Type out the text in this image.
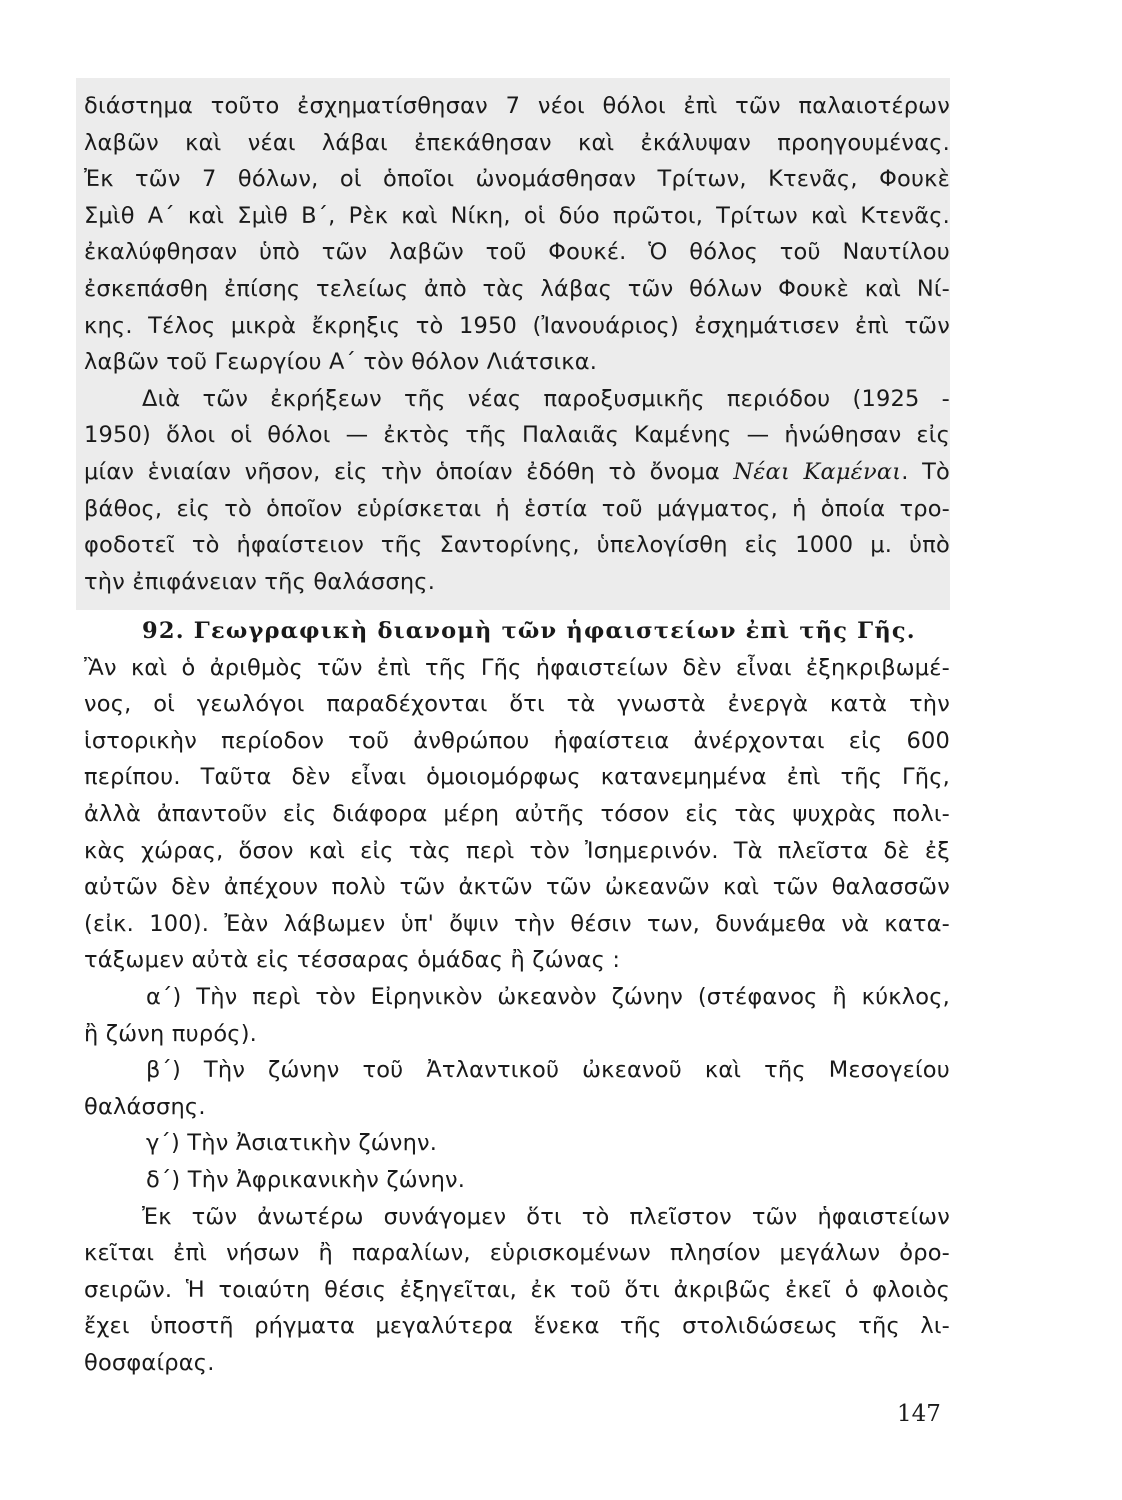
διάστημα τοῦτο ἐσχηματίσθησαν 7 νέοι θόλοι ἐπὶ τῶν παλαιοτέρων
λαβῶν καὶ νέαι λάβαι ἐπεκάθησαν καὶ ἐκάλυψαν προηγουμένας.
Ἐκ τῶν 7 θόλων, οἱ ὁποῖοι ὠνομάσθησαν Τρίτων, Κτενᾶς, Φουκὲ
Σμὶθ Α΄ καὶ Σμὶθ Β΄, Ρὲκ καὶ Νίκη, οἱ δύο πρῶτοι, Τρίτων καὶ Κτενᾶς.
ἐκαλύφθησαν ὑπὸ τῶν λαβῶν τοῦ Φουκέ. Ὁ θόλος τοῦ Ναυτίλου
ἐσκεπάσθη ἐπίσης τελείως ἀπὸ τὰς λάβας τῶν θόλων Φουκὲ καὶ Νί-
κης. Τέλος μικρὰ ἔκρηξις τὸ 1950 (Ἰανουάριος) ἐσχημάτισεν ἐπὶ τῶν
λαβῶν τοῦ Γεωργίου Α΄ τὸν θόλον Λιάτσικα.
Διὰ τῶν ἐκρήξεων τῆς νέας παροξυσμικῆς περιόδου (1925 -
1950) ὅλοι οἱ θόλοι — ἐκτὸς τῆς Παλαιᾶς Καμένης — ἡνώθησαν εἰς
μίαν ἑνιαίαν νῆσον, εἰς τὴν ὁποίαν ἐδόθη τὸ ὄνομα Νέαι Καμέναι. Τὸ
βάθος, εἰς τὸ ὁποῖον εὑρίσκεται ἡ ἑστία τοῦ μάγματος, ἡ ὁποία τρο-
φοδοτεῖ τὸ ἡφαίστειον τῆς Σαντορίνης, ὑπελογίσθη εἰς 1000 μ. ὑπὸ
τὴν ἐπιφάνειαν τῆς θαλάσσης.
92. Γεωγραφικὴ διανομὴ τῶν ἡφαιστείων ἐπὶ τῆς Γῆς.
Ἂν καὶ ὁ ἀριθμὸς τῶν ἐπὶ τῆς Γῆς ἡφαιστείων δὲν εἶναι ἐξηκριβωμέ-
νος, οἱ γεωλόγοι παραδέχονται ὅτι τὰ γνωστὰ ἐνεργὰ κατὰ τὴν
ἱστορικὴν περίοδον τοῦ ἀνθρώπου ἡφαίστεια ἀνέρχονται εἰς 600
περίπου. Ταῦτα δὲν εἶναι ὁμοιομόρφως κατανεμημένα ἐπὶ τῆς Γῆς,
ἀλλὰ ἀπαντοῦν εἰς διάφορα μέρη αὐτῆς τόσον εἰς τὰς ψυχρὰς πολι-
κὰς χώρας, ὅσον καὶ εἰς τὰς περὶ τὸν Ἰσημερινόν. Τὰ πλεῖστα δὲ ἐξ
αὐτῶν δὲν ἀπέχουν πολὺ τῶν ἀκτῶν τῶν ὠκεανῶν καὶ τῶν θαλασσῶν
(εἰκ. 100). Ἐὰν λάβωμεν ὑπ' ὄψιν τὴν θέσιν των, δυνάμεθα νὰ κατα-
τάξωμεν αὐτὰ εἰς τέσσαρας ὁμάδας ἢ ζώνας :
α΄) Τὴν περὶ τὸν Εἰρηνικὸν ὠκεανὸν ζώνην (στέφανος ἢ κύκλος,
ἢ ζώνη πυρός).
β΄) Τὴν ζώνην τοῦ Ἀτλαντικοῦ ὠκεανοῦ καὶ τῆς Μεσογείου
θαλάσσης.
γ΄) Τὴν Ἀσιατικὴν ζώνην.
δ΄) Τὴν Ἀφρικανικὴν ζώνην.
Ἐκ τῶν ἀνωτέρω συνάγομεν ὅτι τὸ πλεῖστον τῶν ἡφαιστείων
κεῖται ἐπὶ νήσων ἢ παραλίων, εὑρισκομένων πλησίον μεγάλων ὀρο-
σειρῶν. Ἡ τοιαύτη θέσις ἐξηγεῖται, ἐκ τοῦ ὅτι ἀκριβῶς ἐκεῖ ὁ φλοιὸς
ἔχει ὑποστῆ ρήγματα μεγαλύτερα ἕνεκα τῆς στολιδώσεως τῆς λι-
θοσφαίρας.
147
